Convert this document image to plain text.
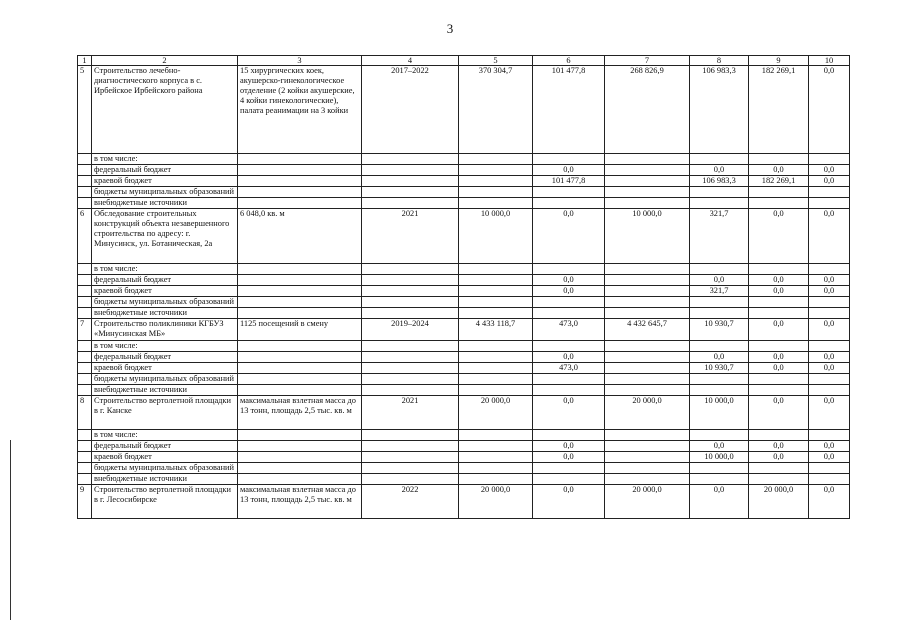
3
1	2	3	4	5	6	7	8	9	10
5	Строительство лечебно-диагностического корпуса в с. Ирбейское Ирбейского района	15 хирургических коек, акушерско-гинекологическое отделение (2 койки акушерские, 4 койки гинекологические), палата реанимации на 3 койки	2017–2022	370 304,7	101 477,8	268 826,9	106 983,3	182 269,1	0,0
	в том числе:								
	федеральный бюджет				0,0		0,0	0,0	0,0
	краевой бюджет				101 477,8		106 983,3	182 269,1	0,0
	бюджеты муниципальных образований								
	внебюджетные источники								
6	Обследование строительных конструкций объекта незавершенного строительства по адресу: г. Минусинск, ул. Ботаническая, 2а	6 048,0 кв. м	2021	10 000,0	0,0	10 000,0	321,7	0,0	0,0
	в том числе:								
	федеральный бюджет				0,0		0,0	0,0	0,0
	краевой бюджет				0,0		321,7	0,0	0,0
	бюджеты муниципальных образований								
	внебюджетные источники								
7	Строительство поликлиники КГБУЗ «Минусинская МБ»	1125 посещений в смену	2019–2024	4 433 118,7	473,0	4 432 645,7	10 930,7	0,0	0,0
	в том числе:								
	федеральный бюджет				0,0		0,0	0,0	0,0
	краевой бюджет				473,0		10 930,7	0,0	0,0
	бюджеты муниципальных образований								
	внебюджетные источники								
8	Строительство вертолетной площадки в г. Канске	максимальная взлетная масса до 13 тонн, площадь 2,5 тыс. кв. м	2021	20 000,0	0,0	20 000,0	10 000,0	0,0	0,0
	в том числе:								
	федеральный бюджет				0,0		0,0	0,0	0,0
	краевой бюджет				0,0		10 000,0	0,0	0,0
	бюджеты муниципальных образований								
	внебюджетные источники								
9	Строительство вертолетной площадки в г. Лесосибирске	максимальная взлетная масса до 13 тонн, площадь 2,5 тыс. кв. м	2022	20 000,0	0,0	20 000,0	0,0	20 000,0	0,0
